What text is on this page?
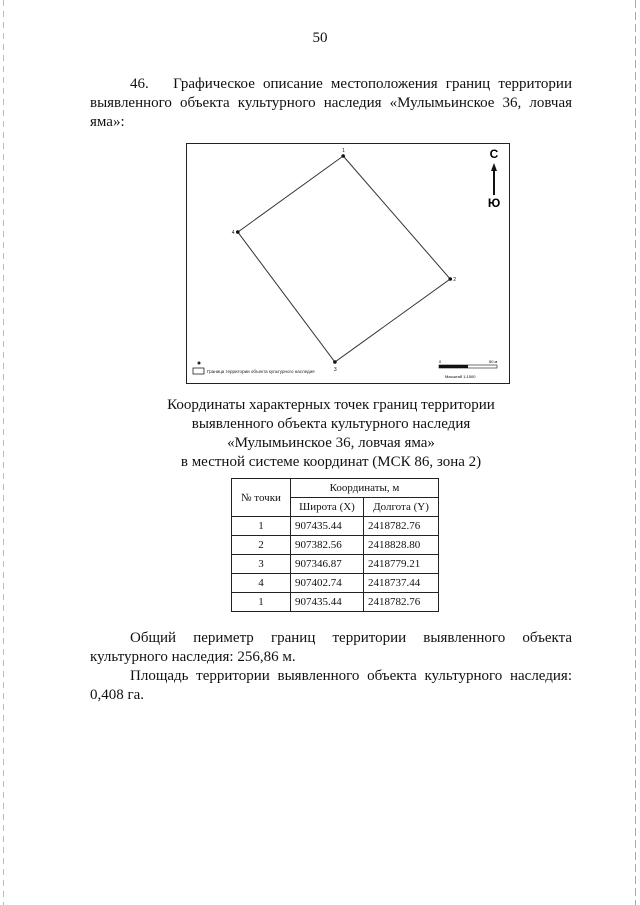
50
46. Графическое описание местоположения границ территории выявленного объекта культурного наследия «Мулымьинское 36, ловчая яма»:
1
2
3
4
С
Ю
Граница территории объекта культурного наследия
0	50 м
Масштаб 1:1500
Координаты характерных точек границ территории
выявленного объекта культурного наследия
«Мулымьинское 36, ловчая яма»
в местной системе координат (МСК 86, зона 2)
№ точки	Координаты, м	
	Широта (X)	Долгота (Y)
1	907435.44	2418782.76
2	907382.56	2418828.80
3	907346.87	2418779.21
4	907402.74	2418737.44
1	907435.44	2418782.76
Общий периметр границ территории выявленного объекта культурного наследия: 256,86 м.
Площадь территории выявленного объекта культурного наследия: 0,408 га.
